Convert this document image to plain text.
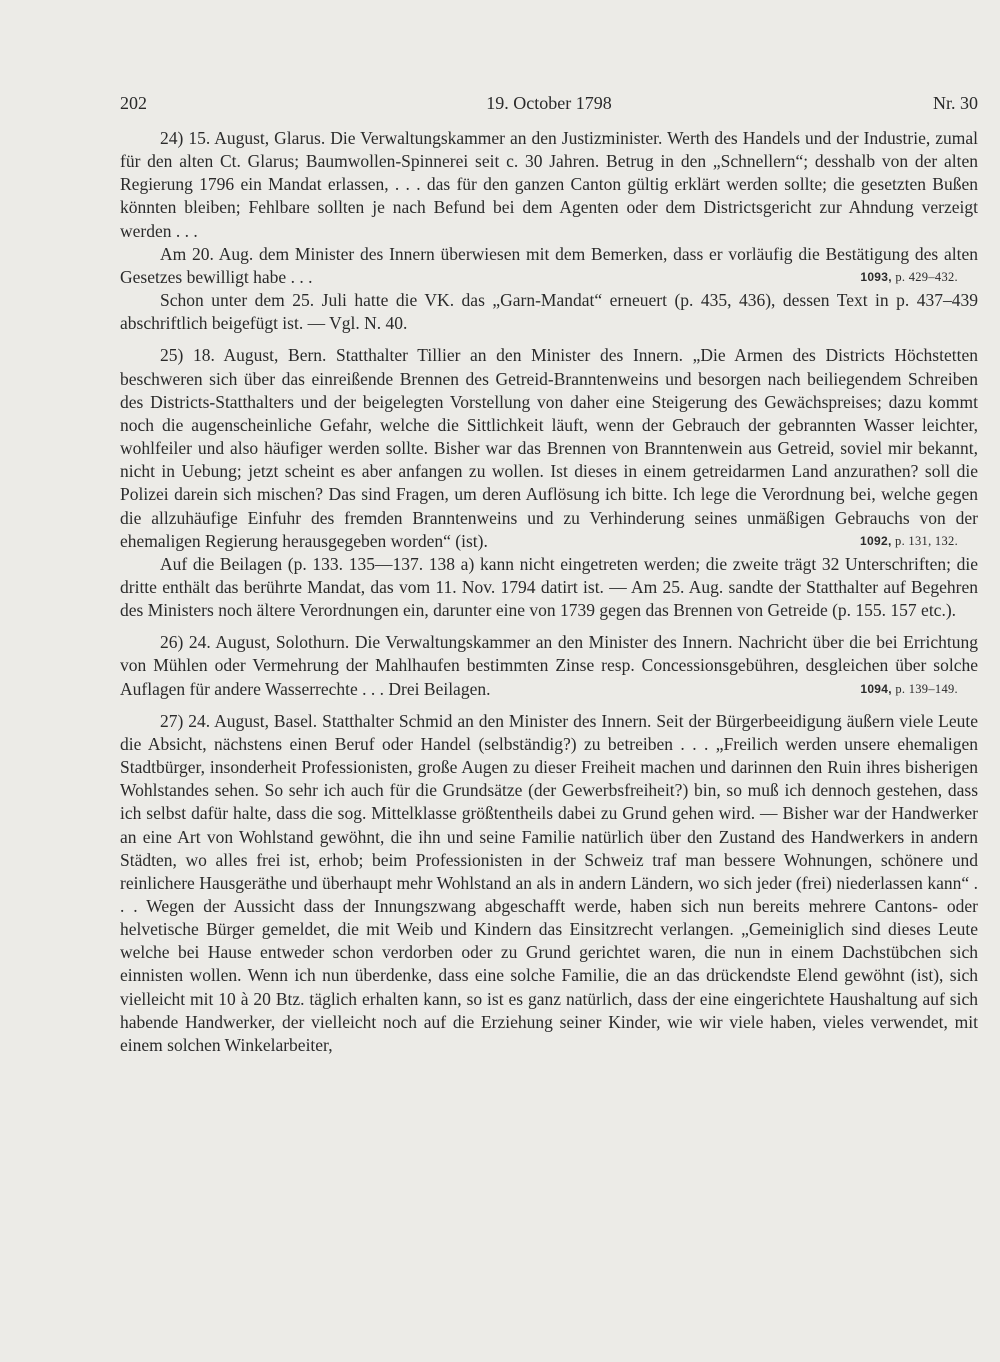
202	19. October 1798	Nr. 30

24) 15. August, Glarus. Die Verwaltungskammer an den Justizminister. Werth des Handels und der Industrie, zumal für den alten Ct. Glarus; Baumwollen-Spinnerei seit c. 30 Jahren. Betrug in den „Schnellern“; desshalb von der alten Regierung 1796 ein Mandat erlassen, . . . das für den ganzen Canton gültig erklärt werden sollte; die gesetzten Bußen könnten bleiben; Fehlbare sollten je nach Befund bei dem Agenten oder dem Districtsgericht zur Ahndung verzeigt werden . . .

Am 20. Aug. dem Minister des Innern überwiesen mit dem Bemerken, dass er vorläufig die Bestätigung des alten Gesetzes bewilligt habe . . .	1093, p. 429–432.

Schon unter dem 25. Juli hatte die VK. das „Garn-Mandat“ erneuert (p. 435, 436), dessen Text in p. 437–439 abschriftlich beigefügt ist. — Vgl. N. 40.

25) 18. August, Bern. Statthalter Tillier an den Minister des Innern. „Die Armen des Districts Höchstetten beschweren sich über das einreißende Brennen des Getreid-Branntenweins und besorgen nach beiliegendem Schreiben des Districts-Statthalters und der beigelegten Vorstellung von daher eine Steigerung des Gewächspreises; dazu kommt noch die augenscheinliche Gefahr, welche die Sittlichkeit läuft, wenn der Gebrauch der gebrannten Wasser leichter, wohlfeiler und also häufiger werden sollte. Bisher war das Brennen von Branntenwein aus Getreid, soviel mir bekannt, nicht in Uebung; jetzt scheint es aber anfangen zu wollen. Ist dieses in einem getreidarmen Land anzurathen? soll die Polizei darein sich mischen? Das sind Fragen, um deren Auflösung ich bitte. Ich lege die Verordnung bei, welche gegen die allzuhäufige Einfuhr des fremden Branntenweins und zu Verhinderung seines unmäßigen Gebrauchs von der ehemaligen Regierung herausgegeben worden“ (ist).	1092, p. 131, 132.

Auf die Beilagen (p. 133. 135—137. 138 a) kann nicht eingetreten werden; die zweite trägt 32 Unterschriften; die dritte enthält das berührte Mandat, das vom 11. Nov. 1794 datirt ist. — Am 25. Aug. sandte der Statthalter auf Begehren des Ministers noch ältere Verordnungen ein, darunter eine von 1739 gegen das Brennen von Getreide (p. 155. 157 etc.).

26) 24. August, Solothurn. Die Verwaltungskammer an den Minister des Innern. Nachricht über die bei Errichtung von Mühlen oder Vermehrung der Mahlhaufen bestimmten Zinse resp. Concessionsgebühren, desgleichen über solche Auflagen für andere Wasserrechte . . . Drei Beilagen.	1094, p. 139–149.

27) 24. August, Basel. Statthalter Schmid an den Minister des Innern. Seit der Bürgerbeeidigung äußern viele Leute die Absicht, nächstens einen Beruf oder Handel (selbständig?) zu betreiben . . . „Freilich werden unsere ehemaligen Stadtbürger, insonderheit Professionisten, große Augen zu dieser Freiheit machen und darinnen den Ruin ihres bisherigen Wohlstandes sehen. So sehr ich auch für die Grundsätze (der Gewerbsfreiheit?) bin, so muß ich dennoch gestehen, dass ich selbst dafür halte, dass die sog. Mittelklasse größtentheils dabei zu Grund gehen wird. — Bisher war der Handwerker an eine Art von Wohlstand gewöhnt, die ihn und seine Familie natürlich über den Zustand des Handwerkers in andern Städten, wo alles frei ist, erhob; beim Professionisten in der Schweiz traf man bessere Wohnungen, schönere und reinlichere Hausgeräthe und überhaupt mehr Wohlstand an als in andern Ländern, wo sich jeder (frei) niederlassen kann“ . . . Wegen der Aussicht dass der Innungszwang abgeschafft werde, haben sich nun bereits mehrere Cantons- oder helvetische Bürger gemeldet, die mit Weib und Kindern das Einsitzrecht verlangen. „Gemeiniglich sind dieses Leute welche bei Hause entweder schon verdorben oder zu Grund gerichtet waren, die nun in einem Dachstübchen sich einnisten wollen. Wenn ich nun überdenke, dass eine solche Familie, die an das drückendste Elend gewöhnt (ist), sich vielleicht mit 10 à 20 Btz. täglich erhalten kann, so ist es ganz natürlich, dass der eine eingerichtete Haushaltung auf sich habende Handwerker, der vielleicht noch auf die Erziehung seiner Kinder, wie wir viele haben, vieles verwendet, mit einem solchen Winkelarbeiter,
